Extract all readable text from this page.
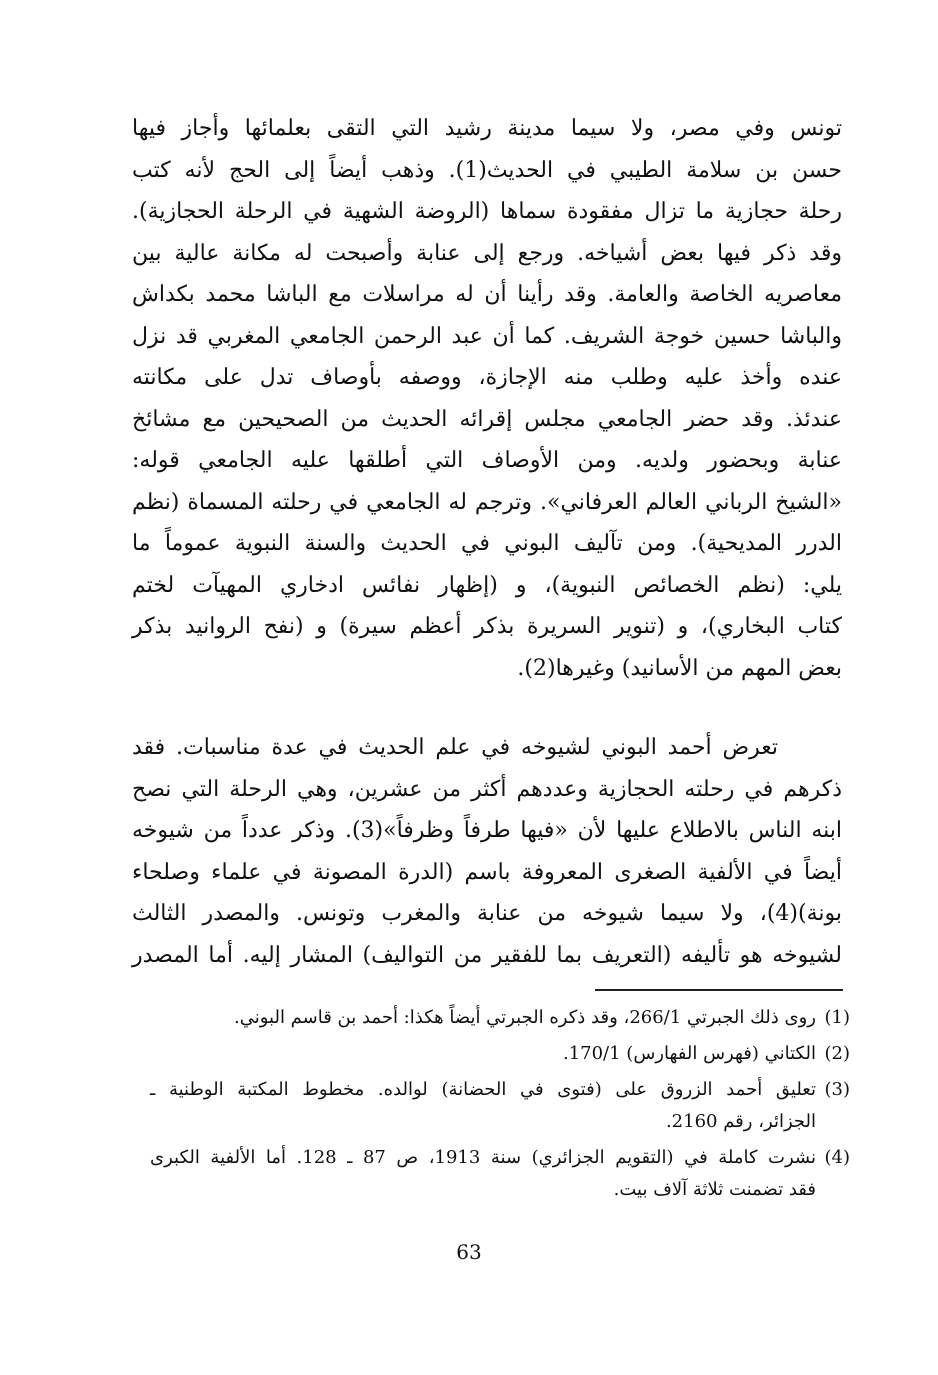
تونس وفي مصر، ولا سيما مدينة رشيد التي التقى بعلمائها وأجاز فيها
حسن بن سلامة الطيبي في الحديث(1). وذهب أيضاً إلى الحج لأنه كتب
رحلة حجازية ما تزال مفقودة سماها (الروضة الشهية في الرحلة الحجازية).
وقد ذكر فيها بعض أشياخه. ورجع إلى عنابة وأصبحت له مكانة عالية بين
معاصريه الخاصة والعامة. وقد رأينا أن له مراسلات مع الباشا محمد بكداش
والباشا حسين خوجة الشريف. كما أن عبد الرحمن الجامعي المغربي قد نزل
عنده وأخذ عليه وطلب منه الإجازة، ووصفه بأوصاف تدل على مكانته
عندئذ. وقد حضر الجامعي مجلس إقرائه الحديث من الصحيحين مع مشائخ
عنابة وبحضور ولديه. ومن الأوصاف التي أطلقها عليه الجامعي قوله:
«الشيخ الرباني العالم العرفاني». وترجم له الجامعي في رحلته المسماة (نظم
الدرر المديحية). ومن تآليف البوني في الحديث والسنة النبوية عموماً ما
يلي: (نظم الخصائص النبوية)، و (إظهار نفائس ادخاري المهيآت لختم
كتاب البخاري)، و (تنوير السريرة بذكر أعظم سيرة) و (نفح الروانيد بذكر
بعض المهم من الأسانيد) وغيرها(2).
تعرض أحمد البوني لشيوخه في علم الحديث في عدة مناسبات. فقد
ذكرهم في رحلته الحجازية وعددهم أكثر من عشرين، وهي الرحلة التي نصح
ابنه الناس بالاطلاع عليها لأن «فيها طرفاً وظرفاً»(3). وذكر عدداً من شيوخه
أيضاً في الألفية الصغرى المعروفة باسم (الدرة المصونة في علماء وصلحاء
بونة)(4)، ولا سيما شيوخه من عنابة والمغرب وتونس. والمصدر الثالث
لشيوخه هو تأليفه (التعريف بما للفقير من التواليف) المشار إليه. أما المصدر
(1)
روى ذلك الجبرتي 266/1، وقد ذكره الجبرتي أيضاً هكذا: أحمد بن قاسم البوني.
(2)
الكتاني (فهرس الفهارس) 170/1.
(3)
تعليق أحمد الزروق على (فتوى في الحضانة) لوالده. مخطوط المكتبة الوطنية ـ
الجزائر، رقم 2160.
(4)
نشرت كاملة في (التقويم الجزائري) سنة 1913، ص 87 ـ 128. أما الألفية الكبرى
فقد تضمنت ثلاثة آلاف بيت.
63
